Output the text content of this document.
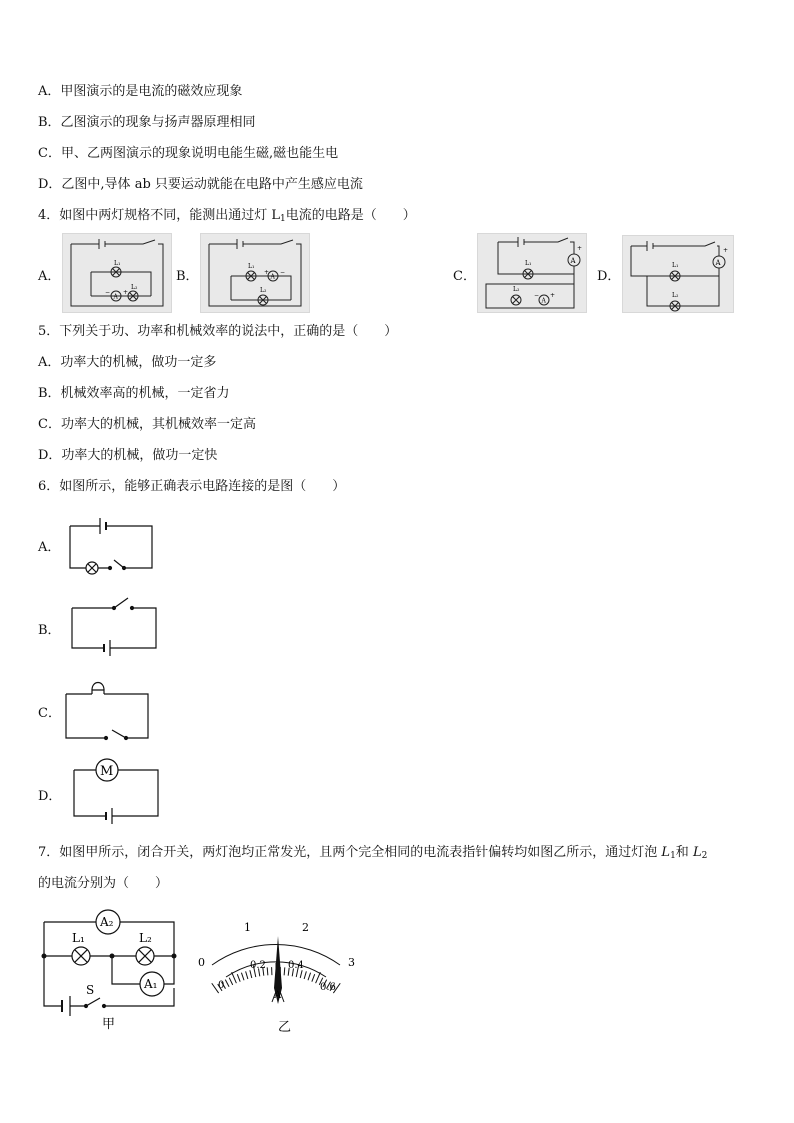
A．甲图演示的是电流的磁效应现象
B．乙图演示的现象与扬声器原理相同
C．甲、乙两图演示的现象说明电能生磁,磁也能生电
D．乙图中,导体 ab 只要运动就能在电路中产生感应电流
4．如图中两灯规格不同，能测出通过灯 $L_1$电流的电路是（　　）
A．	B．	C．	D．
L₁
L₂
A
− +
L₁
L₂
A
+ −
A
+
L₁
L₂
A
− +
A
+
L₁
L₂
5．下列关于功、功率和机械效率的说法中，正确的是（　　）
A．功率大的机械，做功一定多
B．机械效率高的机械，一定省力
C．功率大的机械，其机械效率一定高
D．功率大的机械，做功一定快
6．如图所示，能够正确表示电路连接的是图（　　）
A．
B．
C．
D．
M
7．如图甲所示，闭合开关，两灯泡均正常发光，且两个完全相同的电流表指针偏转均如图乙所示，通过灯泡 $L_1$和 $L_2$
的电流分别为（　　）
A₂
A₁
L₁	L₂
S
甲
0
1	2
3
0
0.2 0.4
0.6
A
乙
